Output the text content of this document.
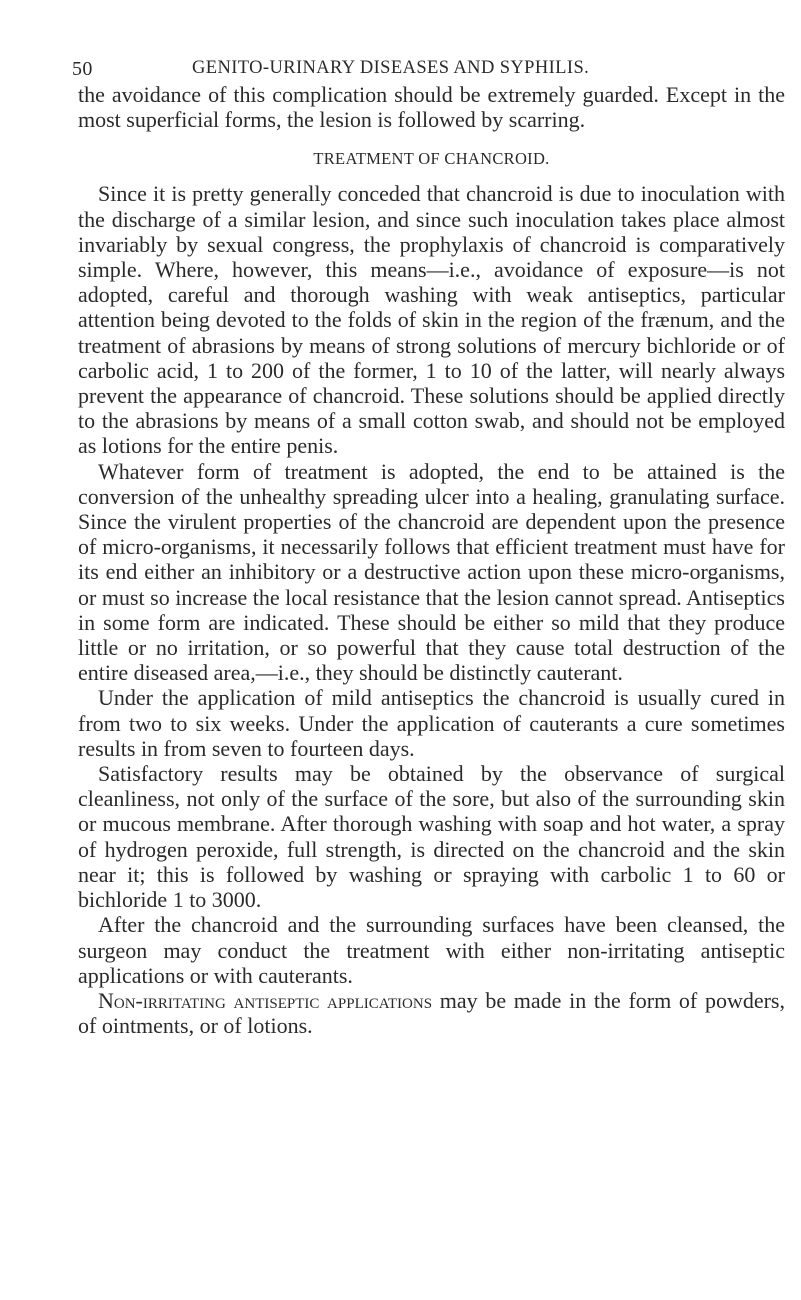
50	GENITO-URINARY DISEASES AND SYPHILIS.

the avoidance of this complication should be extremely guarded. Except in the most superficial forms, the lesion is followed by scarring.

TREATMENT OF CHANCROID.

Since it is pretty generally conceded that chancroid is due to inoculation with the discharge of a similar lesion, and since such inoculation takes place almost invariably by sexual congress, the prophylaxis of chancroid is comparatively simple. Where, however, this means—i.e., avoidance of exposure—is not adopted, careful and thorough washing with weak antiseptics, particular attention being devoted to the folds of skin in the region of the frænum, and the treatment of abrasions by means of strong solutions of mercury bichloride or of carbolic acid, 1 to 200 of the former, 1 to 10 of the latter, will nearly always prevent the appearance of chancroid. These solutions should be applied directly to the abrasions by means of a small cotton swab, and should not be employed as lotions for the entire penis.

Whatever form of treatment is adopted, the end to be attained is the conversion of the unhealthy spreading ulcer into a healing, granulating surface. Since the virulent properties of the chancroid are dependent upon the presence of micro-organisms, it necessarily follows that efficient treatment must have for its end either an inhibitory or a destructive action upon these micro-organisms, or must so increase the local resistance that the lesion cannot spread. Antiseptics in some form are indicated. These should be either so mild that they produce little or no irritation, or so powerful that they cause total destruction of the entire diseased area,—i.e., they should be distinctly cauterant.

Under the application of mild antiseptics the chancroid is usually cured in from two to six weeks. Under the application of cauterants a cure sometimes results in from seven to fourteen days.

Satisfactory results may be obtained by the observance of surgical cleanliness, not only of the surface of the sore, but also of the surrounding skin or mucous membrane. After thorough washing with soap and hot water, a spray of hydrogen peroxide, full strength, is directed on the chancroid and the skin near it; this is followed by washing or spraying with carbolic 1 to 60 or bichloride 1 to 3000.

After the chancroid and the surrounding surfaces have been cleansed, the surgeon may conduct the treatment with either non-irritating antiseptic applications or with cauterants.

Non-irritating antiseptic applications may be made in the form of powders, of ointments, or of lotions.
